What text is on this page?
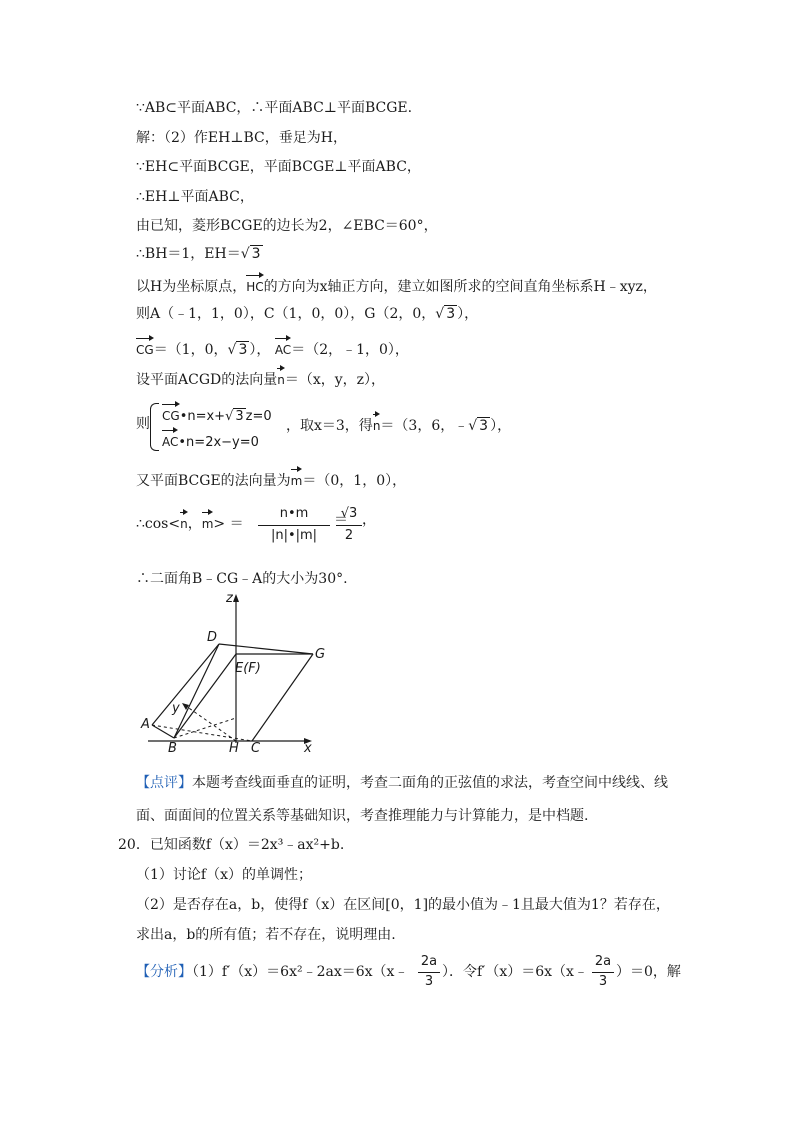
∵AB⊂平面ABC，∴平面ABC⊥平面BCGE.
解：（2）作EH⊥BC，垂足为H，
∵EH⊂平面BCGE，平面BCGE⊥平面ABC，
∴EH⊥平面ABC，
由已知，菱形BCGE的边长为2，∠EBC＝60°，
∴BH＝1，EH＝√ 3
以H为坐标原点，HC的方向为x轴正方向，建立如图所求的空间直角坐标系H﹣xyz，
则A（﹣1，1，0），C（1，0，0），G（2，0，√ 3 ），
CG＝（1，0，√ 3 ）， AC＝（2，﹣1，0），
设平面ACGD的法向量n＝（x，y，z），
则 CG•n=x+√ 3 z=0
AC•n=2x−y=0
，取x＝3，得n＝（3，6，﹣√ 3 ），
又平面BCGE的法向量为m＝（0，1，0），
∴cos<n，m> ＝
n•m
|n|•|m|
＝
√3
2
，
∴二面角B﹣CG﹣A的大小为30°.
z
x
D
E(F)
G
y
A
B	H C
【点评】本题考查线面垂直的证明，考查二面角的正弦值的求法，考查空间中线线、线
面、面面间的位置关系等基础知识，考查推理能力与计算能力，是中档题.
20．已知函数f（x）＝2x³﹣ax²+b.
（1）讨论f（x）的单调性；
（2）是否存在a，b，使得f（x）在区间[0，1]的最小值为﹣1且最大值为1？若存在，
求出a，b的所有值；若不存在，说明理由.
【分析】（1）f′（x）＝6x²﹣2ax＝6x（x﹣
2a
3
）．令f′（x）＝6x（x﹣
2a
3
）＝0，解
